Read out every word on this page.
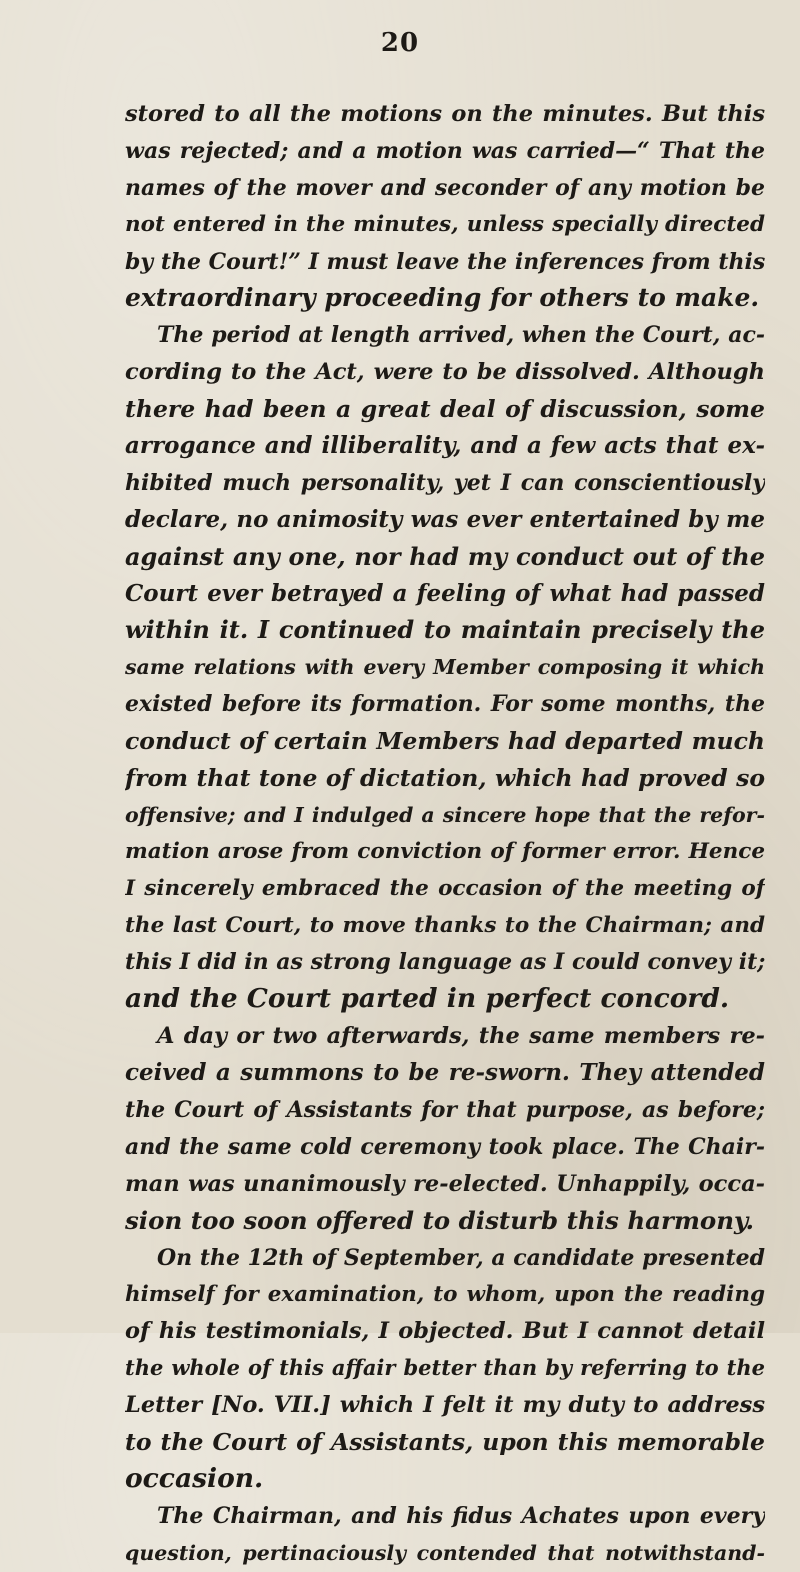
20
stored to all the motions on the minutes. But this
was rejected; and a motion was carried—“ That the
names of the mover and seconder of any motion be
not entered in the minutes, unless specially directed
by the Court!” I must leave the inferences from this
extraordinary proceeding for others to make.
The period at length arrived, when the Court, ac-
cording to the Act, were to be dissolved. Although
there had been a great deal of discussion, some
arrogance and illiberality, and a few acts that ex-
hibited much personality, yet I can conscientiously
declare, no animosity was ever entertained by me
against any one, nor had my conduct out of the
Court ever betrayed a feeling of what had passed
within it. I continued to maintain precisely the
same relations with every Member composing it which
existed before its formation. For some months, the
conduct of certain Members had departed much
from that tone of dictation, which had proved so
offensive; and I indulged a sincere hope that the refor-
mation arose from conviction of former error. Hence
I sincerely embraced the occasion of the meeting of
the last Court, to move thanks to the Chairman; and
this I did in as strong language as I could convey it;
and the Court parted in perfect concord.
A day or two afterwards, the same members re-
ceived a summons to be re-sworn. They attended
the Court of Assistants for that purpose, as before;
and the same cold ceremony took place. The Chair-
man was unanimously re-elected. Unhappily, occa-
sion too soon offered to disturb this harmony.
On the 12th of September, a candidate presented
himself for examination, to whom, upon the reading
of his testimonials, I objected. But I cannot detail
the whole of this affair better than by referring to the
Letter [No. VII.] which I felt it my duty to address
to the Court of Assistants, upon this memorable
occasion.
The Chairman, and his fidus Achates upon every
question, pertinaciously contended that notwithstand-
